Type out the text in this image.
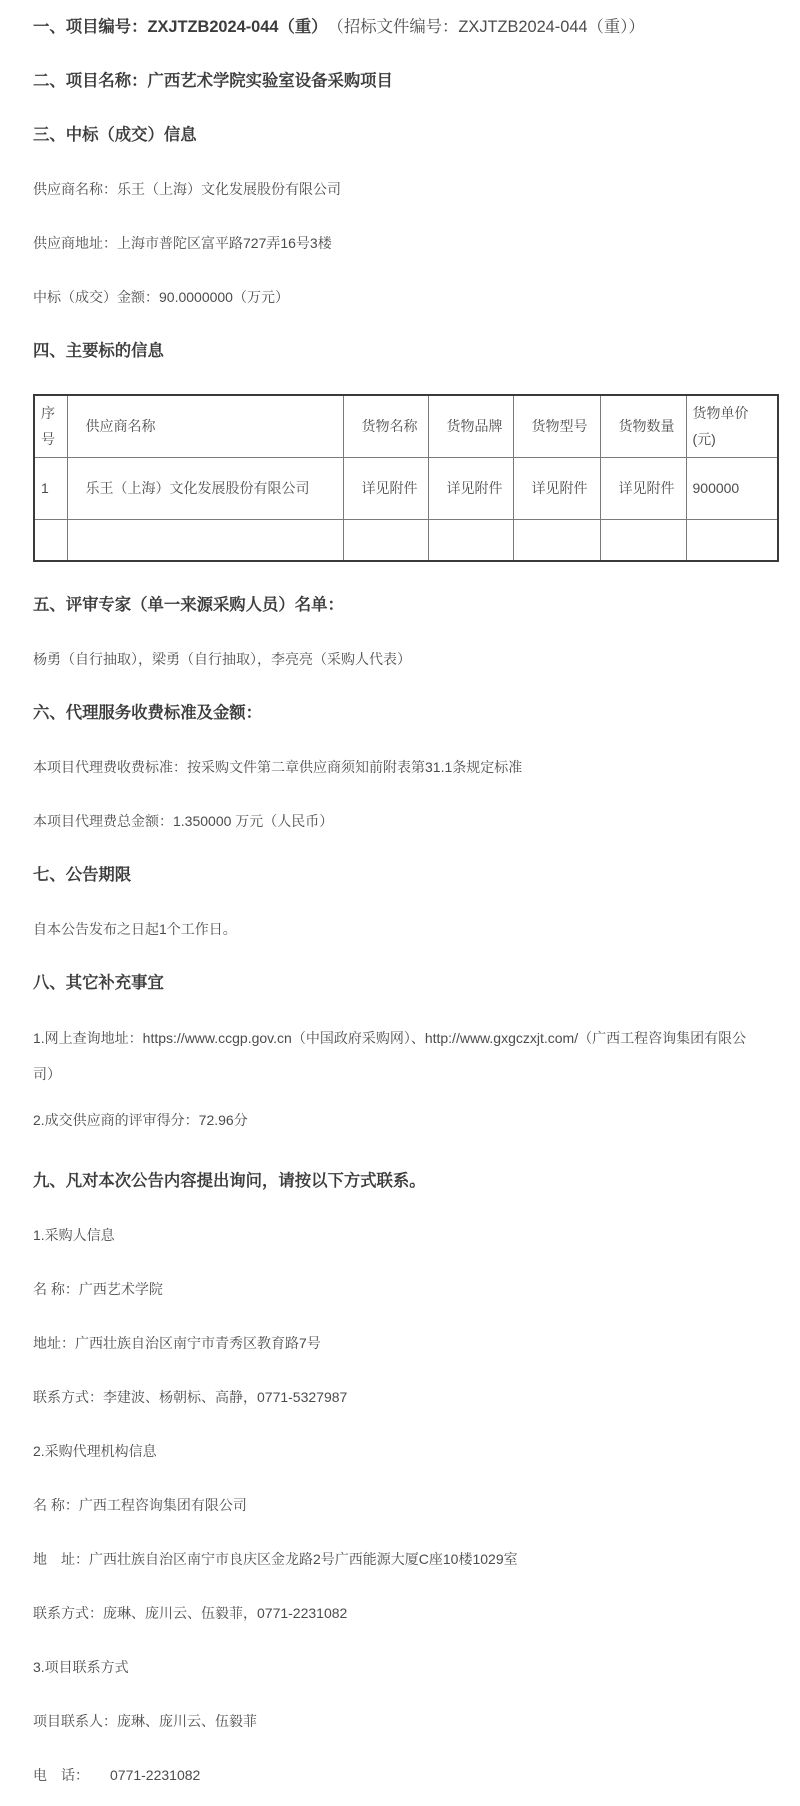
一、项目编号：ZXJTZB2024-044（重）　（招标文件编号：ZXJTZB2024-044（重））
二、项目名称：广西艺术学院实验室设备采购项目
三、中标（成交）信息

供应商名称：乐王（上海）文化发展股份有限公司

供应商地址：上海市普陀区富平路727弄16号3楼

中标（成交）金额：90.0000000（万元）

四、主要标的信息
序号	供应商名称	货物名称	货物品牌	货物型号	货物数量	货物单价(元)
1	乐王（上海）文化发展股份有限公司	详见附件	详见附件	详见附件	详见附件	900000

五、评审专家（单一来源采购人员）名单：

杨勇（自行抽取），梁勇（自行抽取），李亮亮（采购人代表）

六、代理服务收费标准及金额：

本项目代理费收费标准：按采购文件第二章供应商须知前附表第31.1条规定标准

本项目代理费总金额：1.350000 万元（人民币）

七、公告期限

自本公告发布之日起1个工作日。

八、其它补充事宜

1.网上查询地址：https://www.ccgp.gov.cn（中国政府采购网）、http://www.gxgczxjt.com/（广西工程咨询集团有限公司）

2.成交供应商的评审得分：72.96分

九、凡对本次公告内容提出询问，请按以下方式联系。

1.采购人信息

名 称：广西艺术学院

地址：广西壮族自治区南宁市青秀区教育路7号

联系方式：李建波、杨朝标、高静，0771-5327987

2.采购代理机构信息

名 称：广西工程咨询集团有限公司

地　址：广西壮族自治区南宁市良庆区金龙路2号广西能源大厦C座10楼1029室

联系方式：庞琳、庞川云、伍毅菲，0771-2231082

3.项目联系方式

项目联系人：庞琳、庞川云、伍毅菲

电　话：　　0771-2231082
